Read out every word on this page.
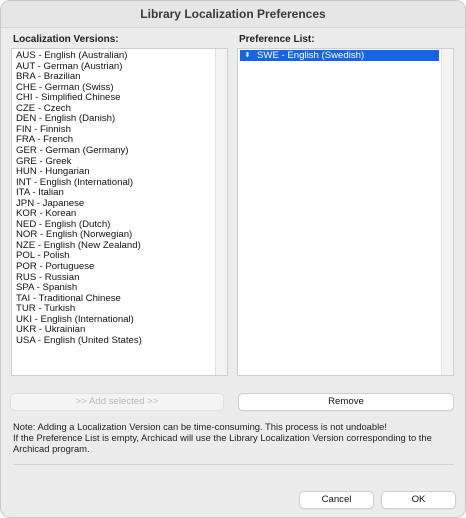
Library Localization Preferences
Localization Versions:	Preference List:
AUS - English (Australian)
AUT - German (Austrian)
BRA - Brazilian
CHE - German (Swiss)
CHI - Simplified Chinese
CZE - Czech
DEN - English (Danish)
FIN - Finnish
FRA - French
GER - German (Germany)
GRE - Greek
HUN - Hungarian
INT - English (International)
ITA - Italian
JPN - Japanese
KOR - Korean
NED - English (Dutch)
NOR - English (Norwegian)
NZE - English (New Zealand)
POL - Polish
POR - Portuguese
RUS - Russian
SPA - Spanish
TAI - Traditional Chinese
TUR - Turkish
UKI - English (International)
UKR - Ukrainian
USA - English (United States)
⬍ SWE - English (Swedish)
>> Add selected >>	Remove
Note: Adding a Localization Version can be time-consuming. This process is not undoable!
If the Preference List is empty, Archicad will use the Library Localization Version corresponding to the Archicad program.
Cancel	OK
